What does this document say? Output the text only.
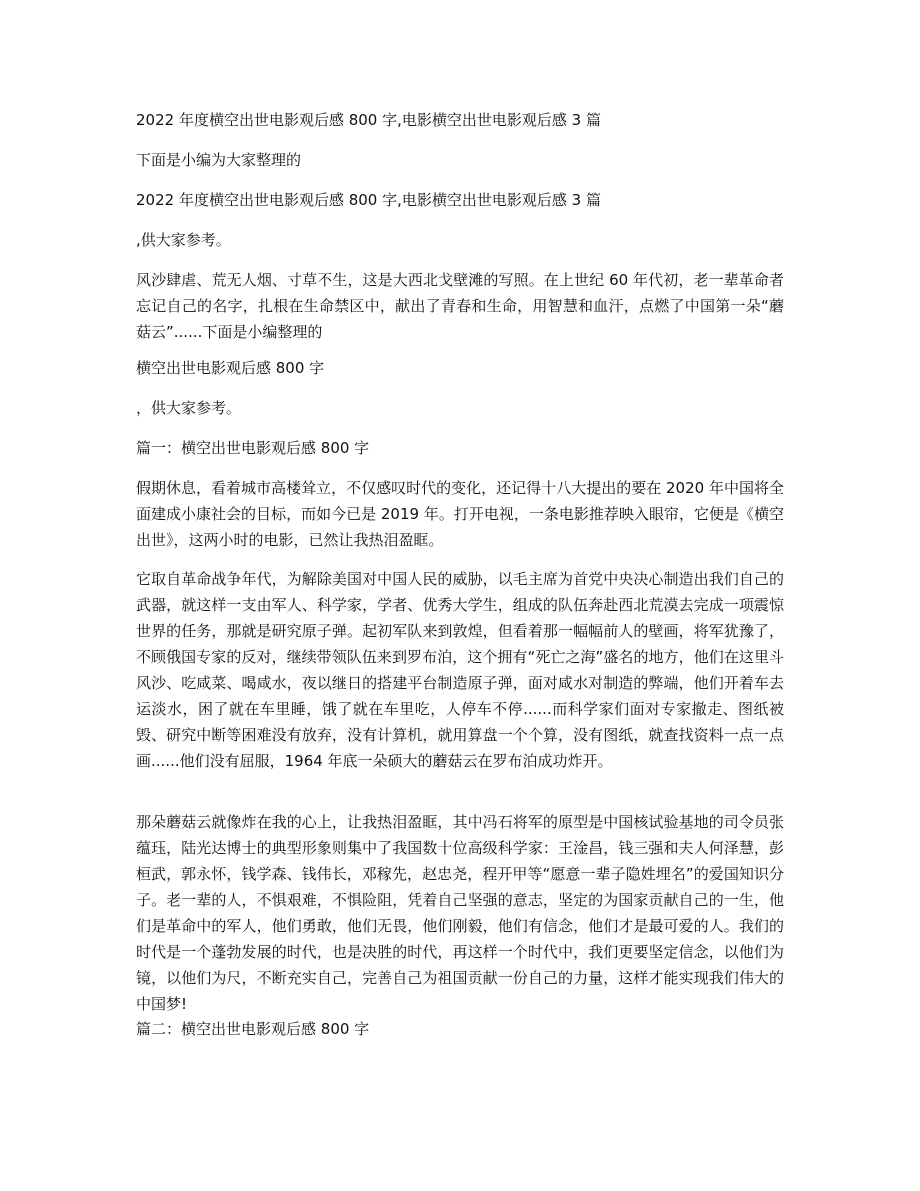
2022 年度横空出世电影观后感 800 字,电影横空出世电影观后感 3 篇

下面是小编为大家整理的

2022 年度横空出世电影观后感 800 字,电影横空出世电影观后感 3 篇

,供大家参考。

风沙肆虐、荒无人烟、寸草不生，这是大西北戈壁滩的写照。在上世纪 60 年代初，老一辈革命者忘记自己的名字，扎根在生命禁区中，献出了青春和生命，用智慧和血汗，点燃了中国第一朵“蘑菇云”......下面是小编整理的

横空出世电影观后感 800 字

，供大家参考。

篇一：横空出世电影观后感 800 字

假期休息，看着城市高楼耸立，不仅感叹时代的变化，还记得十八大提出的要在 2020 年中国将全面建成小康社会的目标，而如今已是 2019 年。打开电视，一条电影推荐映入眼帘，它便是《横空出世》，这两小时的电影，已然让我热泪盈眶。

它取自革命战争年代，为解除美国对中国人民的威胁，以毛主席为首党中央决心制造出我们自己的武器，就这样一支由军人、科学家，学者、优秀大学生，组成的队伍奔赴西北荒漠去完成一项震惊世界的任务，那就是研究原子弹。起初军队来到敦煌，但看着那一幅幅前人的壁画，将军犹豫了，不顾俄国专家的反对，继续带领队伍来到罗布泊，这个拥有“死亡之海”盛名的地方，他们在这里斗风沙、吃咸菜、喝咸水，夜以继日的搭建平台制造原子弹，面对咸水对制造的弊端，他们开着车去运淡水，困了就在车里睡，饿了就在车里吃，人停车不停......而科学家们面对专家撤走、图纸被毁、研究中断等困难没有放弃，没有计算机，就用算盘一个个算，没有图纸，就查找资料一点一点画......他们没有屈服，1964 年底一朵硕大的蘑菇云在罗布泊成功炸开。

那朵蘑菇云就像炸在我的心上，让我热泪盈眶，其中冯石将军的原型是中国核试验基地的司令员张蕴珏，陆光达博士的典型形象则集中了我国数十位高级科学家：王淦昌，钱三强和夫人何泽慧，彭桓武，郭永怀，钱学森、钱伟长，邓稼先，赵忠尧，程开甲等“愿意一辈子隐姓埋名”的爱国知识分子。老一辈的人，不惧艰难，不惧险阻，凭着自己坚强的意志，坚定的为国家贡献自己的一生，他们是革命中的军人，他们勇敢，他们无畏，他们刚毅，他们有信念，他们才是最可爱的人。我们的时代是一个蓬勃发展的时代，也是决胜的时代，再这样一个时代中，我们更要坚定信念，以他们为镜，以他们为尺，不断充实自己，完善自己为祖国贡献一份自己的力量，这样才能实现我们伟大的中国梦!

篇二：横空出世电影观后感 800 字
